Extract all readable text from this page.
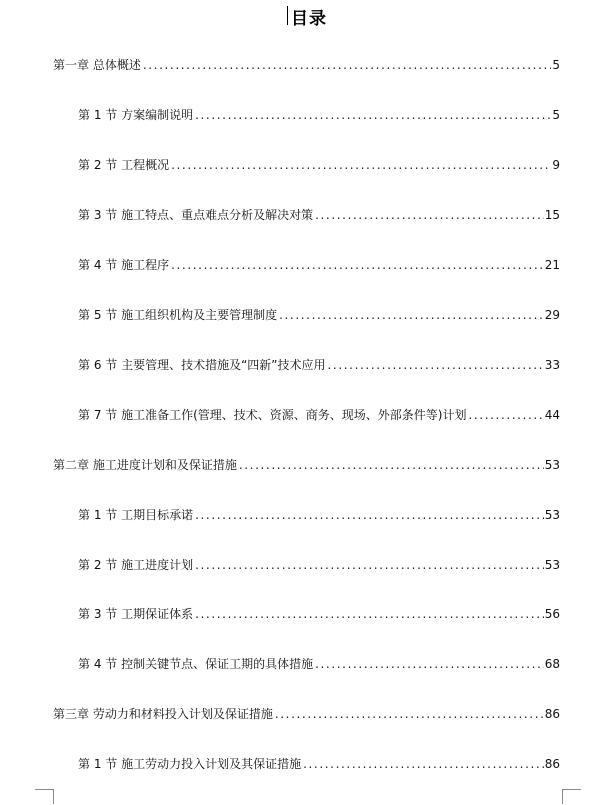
目录
第一章 总体概述 .....	5
第 1 节 方案编制说明 .....	5
第 2 节 工程概况 .....	9
第 3 节 施工特点、重点难点分析及解决对策 .....	15
第 4 节 施工程序 .....	21
第 5 节 施工组织机构及主要管理制度 .....	29
第 6 节 主要管理、技术措施及“四新”技术应用 .....	33
第 7 节 施工准备工作(管理、技术、资源、商务、现场、外部条件等)计划 .....	44
第二章 施工进度计划和及保证措施 .....	53
第 1 节 工期目标承诺 .....	53
第 2 节 施工进度计划 .....	53
第 3 节 工期保证体系 .....	56
第 4 节 控制关键节点、保证工期的具体措施 .....	68
第三章 劳动力和材料投入计划及保证措施 .....	86
第 1 节 施工劳动力投入计划及其保证措施 .....	86
